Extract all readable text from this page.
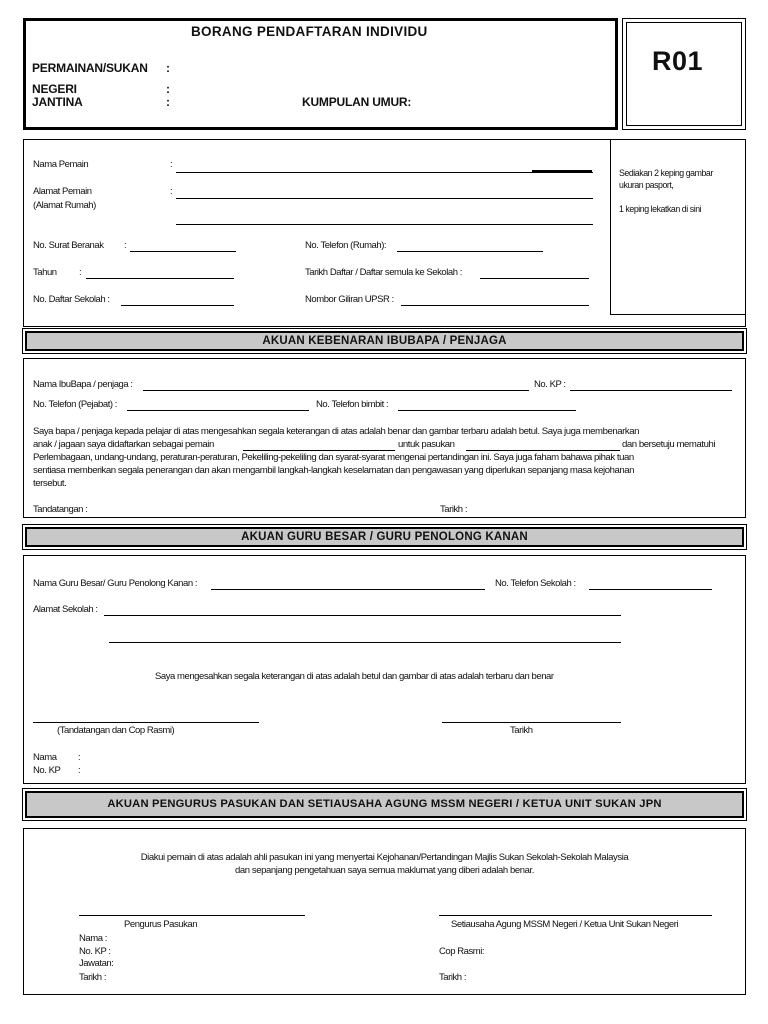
BORANG PENDAFTARAN INDIVIDU
PERMAINAN/SUKAN :
NEGERI	:
JANTINA	:	KUMPULAN UMUR:
R01
Sediakan 2 keping gambar
ukuran pasport,
1 keping lekatkan di sini
Nama Pemain	:
Alamat Pemain	:
(Alamat Rumah)
No. Surat Beranak :	No. Telefon (Rumah):
Tahun :	Tarikh Daftar / Daftar semula ke Sekolah :
No. Daftar Sekolah :	Nombor Giliran UPSR :
AKUAN KEBENARAN IBUBAPA / PENJAGA
Nama IbuBapa / penjaga :	No. KP :
No. Telefon (Pejabat) :	No. Telefon bimbit :
Saya bapa / penjaga kepada pelajar di atas mengesahkan segala keterangan di atas adalah benar dan gambar terbaru adalah betul. Saya juga membenarkan
anak / jagaan saya didaftarkan sebagai pemain	untuk pasukan	dan bersetuju mematuhi
Perlembagaan, undang-undang, peraturan-peraturan, Pekeliling-pekeliling dan syarat-syarat mengenai pertandingan ini. Saya juga faham bahawa pihak tuan
sentiasa memberikan segala penerangan dan akan mengambil langkah-langkah keselamatan dan pengawasan yang diperlukan sepanjang masa kejohanan
tersebut.
Tandatangan :	Tarikh :
AKUAN GURU BESAR / GURU PENOLONG KANAN
Nama Guru Besar/ Guru Penolong Kanan :	No. Telefon Sekolah :
Alamat Sekolah :
Saya mengesahkan segala keterangan di atas adalah betul dan gambar di atas adalah terbaru dan benar
(Tandatangan dan Cop Rasmi)	Tarikh
Nama :
No. KP :
AKUAN PENGURUS PASUKAN DAN SETIAUSAHA AGUNG MSSM NEGERI / KETUA UNIT SUKAN JPN
Diakui pemain di atas adalah ahli pasukan ini yang menyertai Kejohanan/Pertandingan Majlis Sukan Sekolah-Sekolah Malaysia
dan sepanjang pengetahuan saya semua maklumat yang diberi adalah benar.
Pengurus Pasukan	Setiausaha Agung MSSM Negeri / Ketua Unit Sukan Negeri
Nama :
No. KP :	Cop Rasmi:
Jawatan:
Tarikh :	Tarikh :
